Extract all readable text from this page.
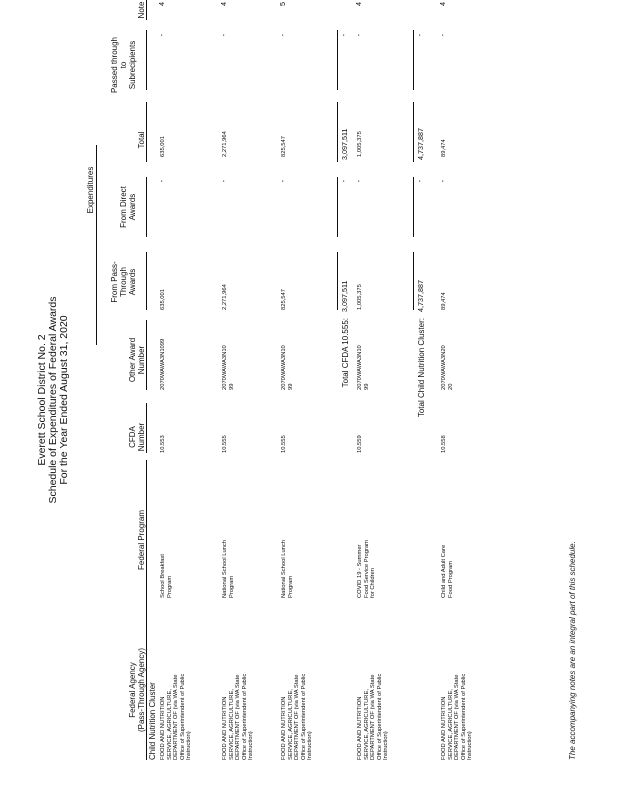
Everett School District No. 2 Schedule of Expenditures of Federal Awards For the Year Ended August 31, 2020
Federal Agency (Pass-Through Agency)
Federal Program
CFDA Number
Other Award Number
Expenditures
From Pass- Through Awards
From Direct Awards
Total
Passed through to Subrecipients
Note
Child Nutrition Cluster FOOD AND NUTRITION SERVICE, AGRICULTURE, DEPARTMENT OF (via WA State Office of Superintendent of Public Instruction)
School Breakfast Program
10.553
2070WAWA3N1099
635,001
-
635,001
-
4
FOOD AND NUTRITION SERVICE, AGRICULTURE, DEPARTMENT OF (via WA State Office of Superintendent of Public Instruction)
National School Lunch Program
10.555
2070WAWA3N10 99
2,271,964
-
2,271,964
-
4
FOOD AND NUTRITION SERVICE, AGRICULTURE, DEPARTMENT OF (via WA State Office of Superintendent of Public Instruction)
National School Lunch Program
10.555
2070WAWA3N10 99
825,547
-
825,547
-
5
Total CFDA 10.555:
3,097,511
-
3,097,511
-
FOOD AND NUTRITION SERVICE, AGRICULTURE, DEPARTMENT OF (via WA State Office of Superintendent of Public Instruction)
COVID 19 - Summer Food Service Program for Children
10.559
2070WAWA3N10 99
1,005,375
-
1,005,375
-
4
Total Child Nutrition Cluster:
4,737,887
-
4,737,887
-
FOOD AND NUTRITION SERVICE, AGRICULTURE, DEPARTMENT OF (via WA State Office of Superintendent of Public Instruction)
Child and Adult Care Food Program
10.558
2070WAWA3N20 20
89,474
-
89,474
-
4
The accompanying notes are an integral part of this schedule.
